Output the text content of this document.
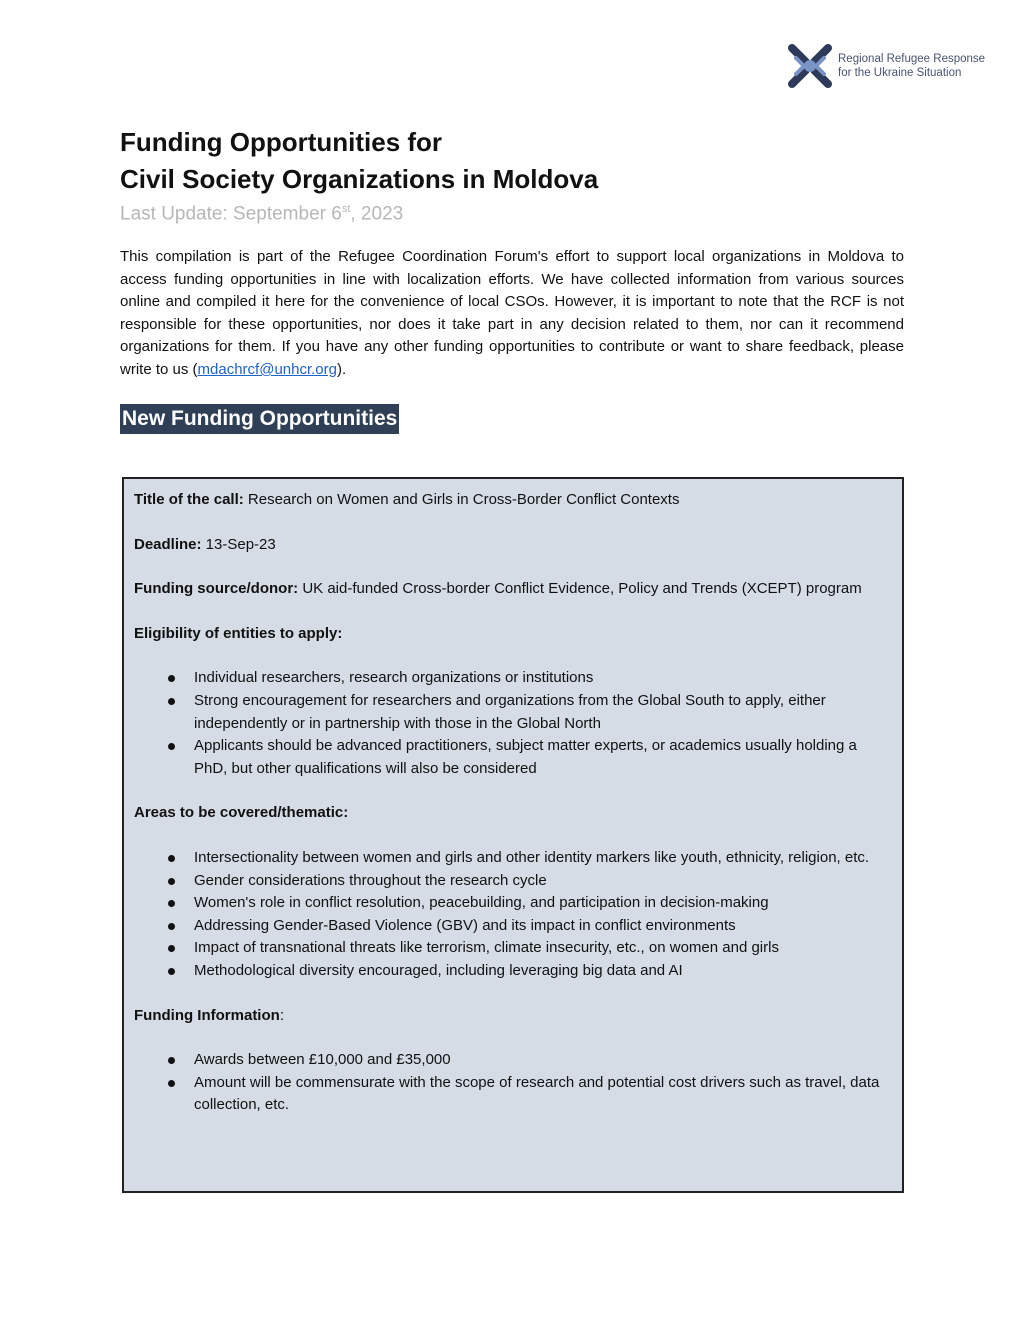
Regional Refugee Response
for the Ukraine Situation
Funding Opportunities for
Civil Society Organizations in Moldova
Last Update: September 6st, 2023
This compilation is part of the Refugee Coordination Forum's effort to support local organizations in Moldova to access funding opportunities in line with localization efforts. We have collected information from various sources online and compiled it here for the convenience of local CSOs. However, it is important to note that the RCF is not responsible for these opportunities, nor does it take part in any decision related to them, nor can it recommend organizations for them. If you have any other funding opportunities to contribute or want to share feedback, please write to us (mdachrcf@unhcr.org).
New Funding Opportunities

Title of the call: Research on Women and Girls in Cross-Border Conflict Contexts

Deadline: 13-Sep-23

Funding source/donor: UK aid-funded Cross-border Conflict Evidence, Policy and Trends (XCEPT) program

Eligibility of entities to apply:

Individual researchers, research organizations or institutions
Strong encouragement for researchers and organizations from the Global South to apply, either independently or in partnership with those in the Global North
Applicants should be advanced practitioners, subject matter experts, or academics usually holding a PhD, but other qualifications will also be considered

Areas to be covered/thematic:

Intersectionality between women and girls and other identity markers like youth, ethnicity, religion, etc.
Gender considerations throughout the research cycle
Women's role in conflict resolution, peacebuilding, and participation in decision-making
Addressing Gender-Based Violence (GBV) and its impact in conflict environments
Impact of transnational threats like terrorism, climate insecurity, etc., on women and girls
Methodological diversity encouraged, including leveraging big data and AI

Funding Information:

Awards between £10,000 and £35,000
Amount will be commensurate with the scope of research and potential cost drivers such as travel, data collection, etc.
